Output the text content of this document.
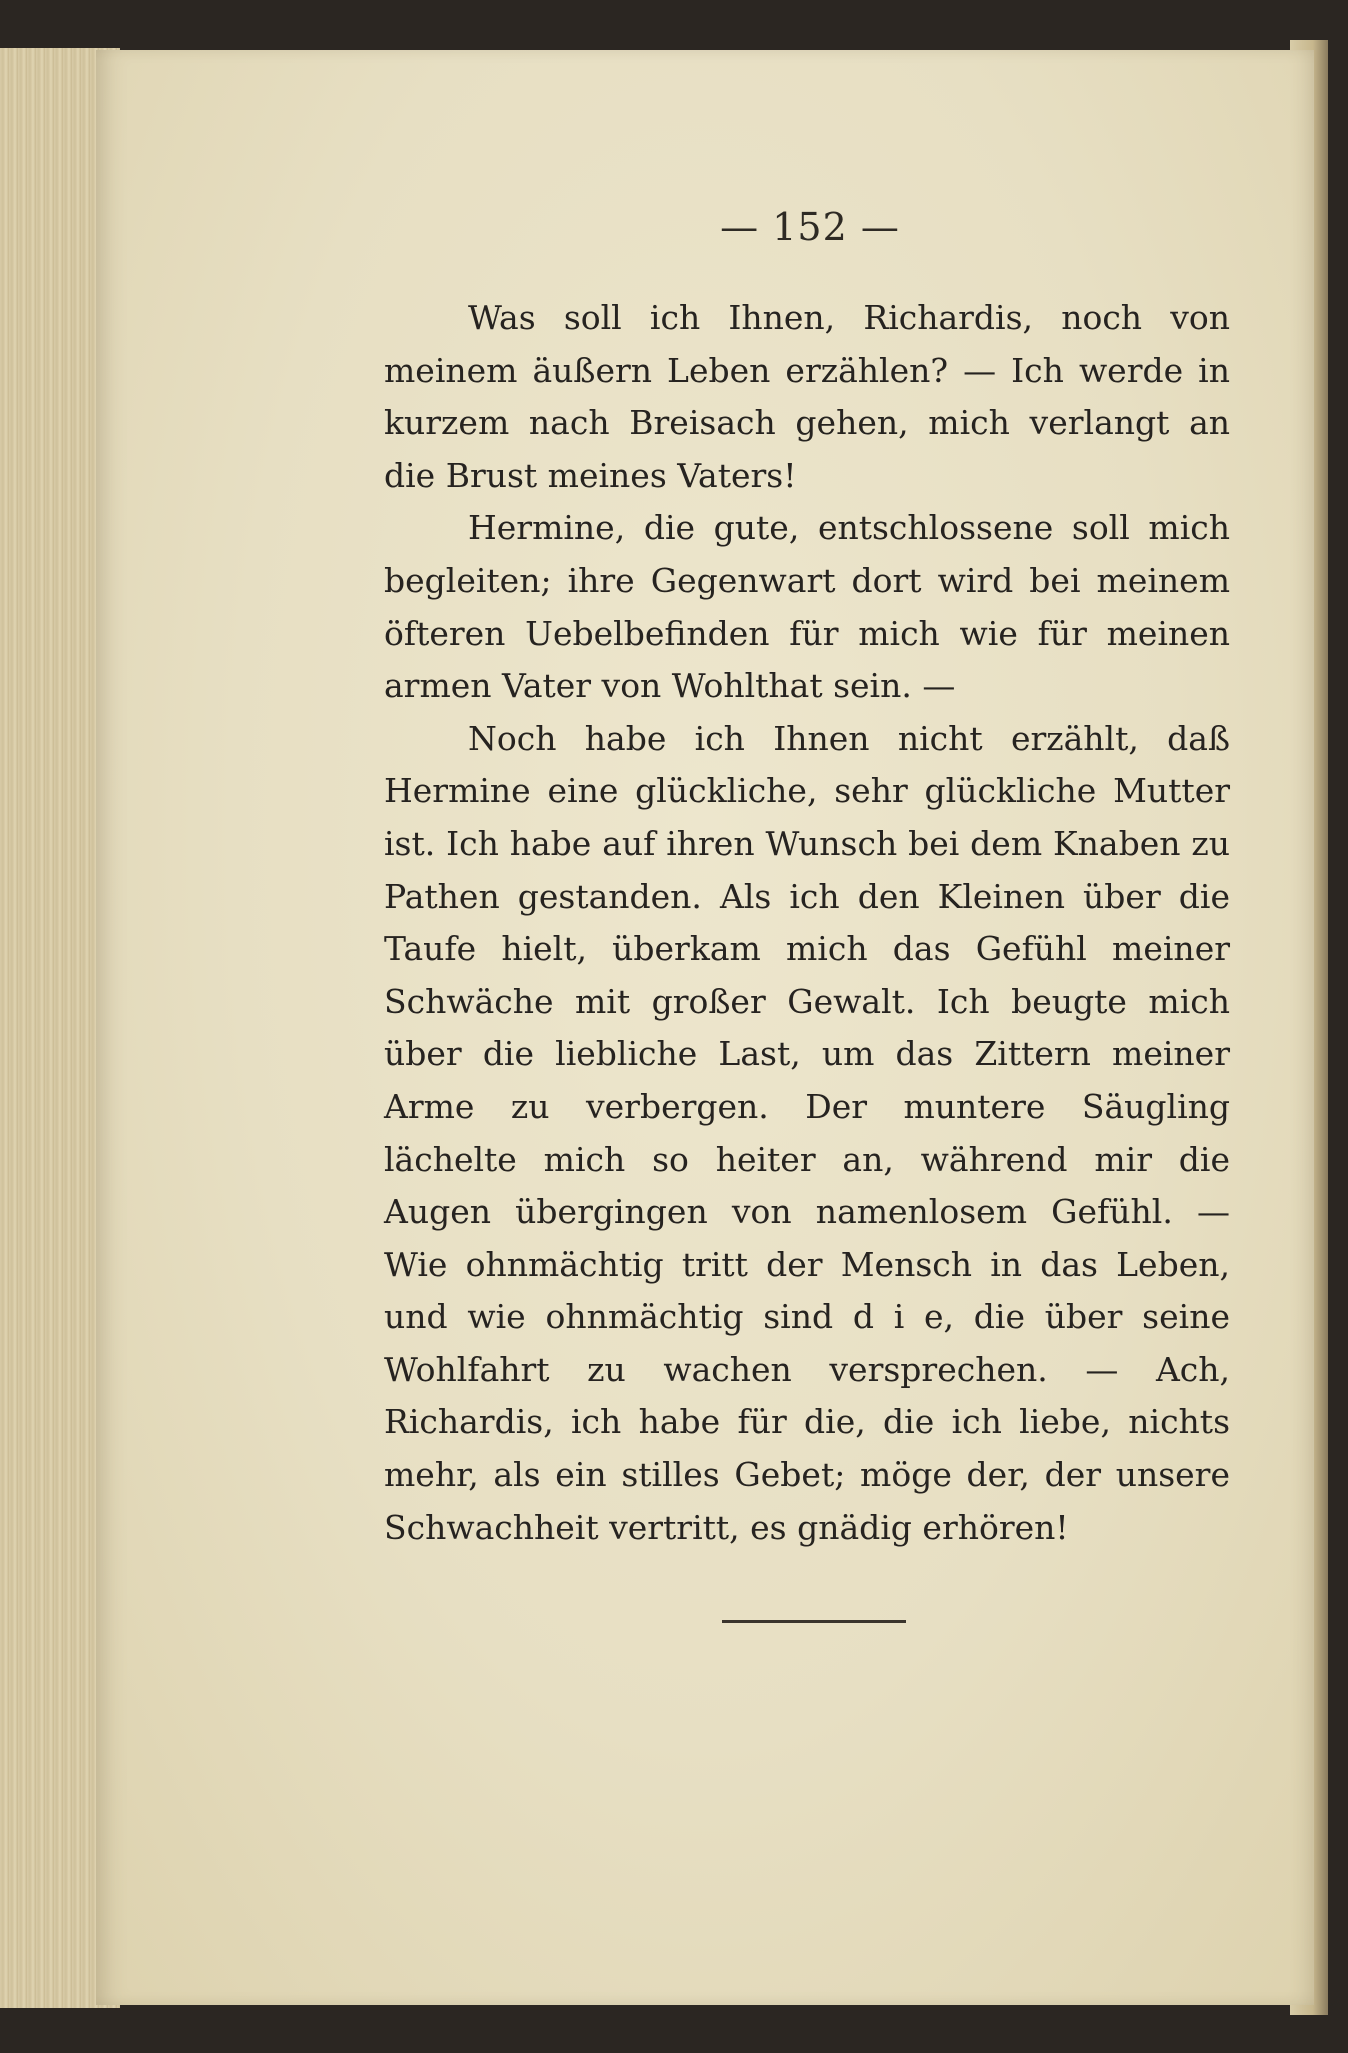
— 152 —

Was soll ich Ihnen, Richardis, noch von meinem äußern Leben erzählen? — Ich werde in kurzem nach Breisach gehen, mich verlangt an die Brust meines Vaters!

Hermine, die gute, entschlossene soll mich begleiten; ihre Gegenwart dort wird bei meinem öfteren Uebelbefinden für mich wie für meinen armen Vater von Wohlthat sein. —

Noch habe ich Ihnen nicht erzählt, daß Hermine eine glückliche, sehr glückliche Mutter ist. Ich habe auf ihren Wunsch bei dem Knaben zu Pathen gestanden. Als ich den Kleinen über die Taufe hielt, überkam mich das Gefühl meiner Schwäche mit großer Gewalt. Ich beugte mich über die liebliche Last, um das Zittern meiner Arme zu verbergen. Der muntere Säugling lächelte mich so heiter an, während mir die Augen übergingen von namenlosem Gefühl. — Wie ohnmächtig tritt der Mensch in das Leben, und wie ohnmächtig sind d i e, die über seine Wohlfahrt zu wachen versprechen. — Ach, Richardis, ich habe für die, die ich liebe, nichts mehr, als ein stilles Gebet; möge der, der unsere Schwachheit vertritt, es gnädig erhören!
